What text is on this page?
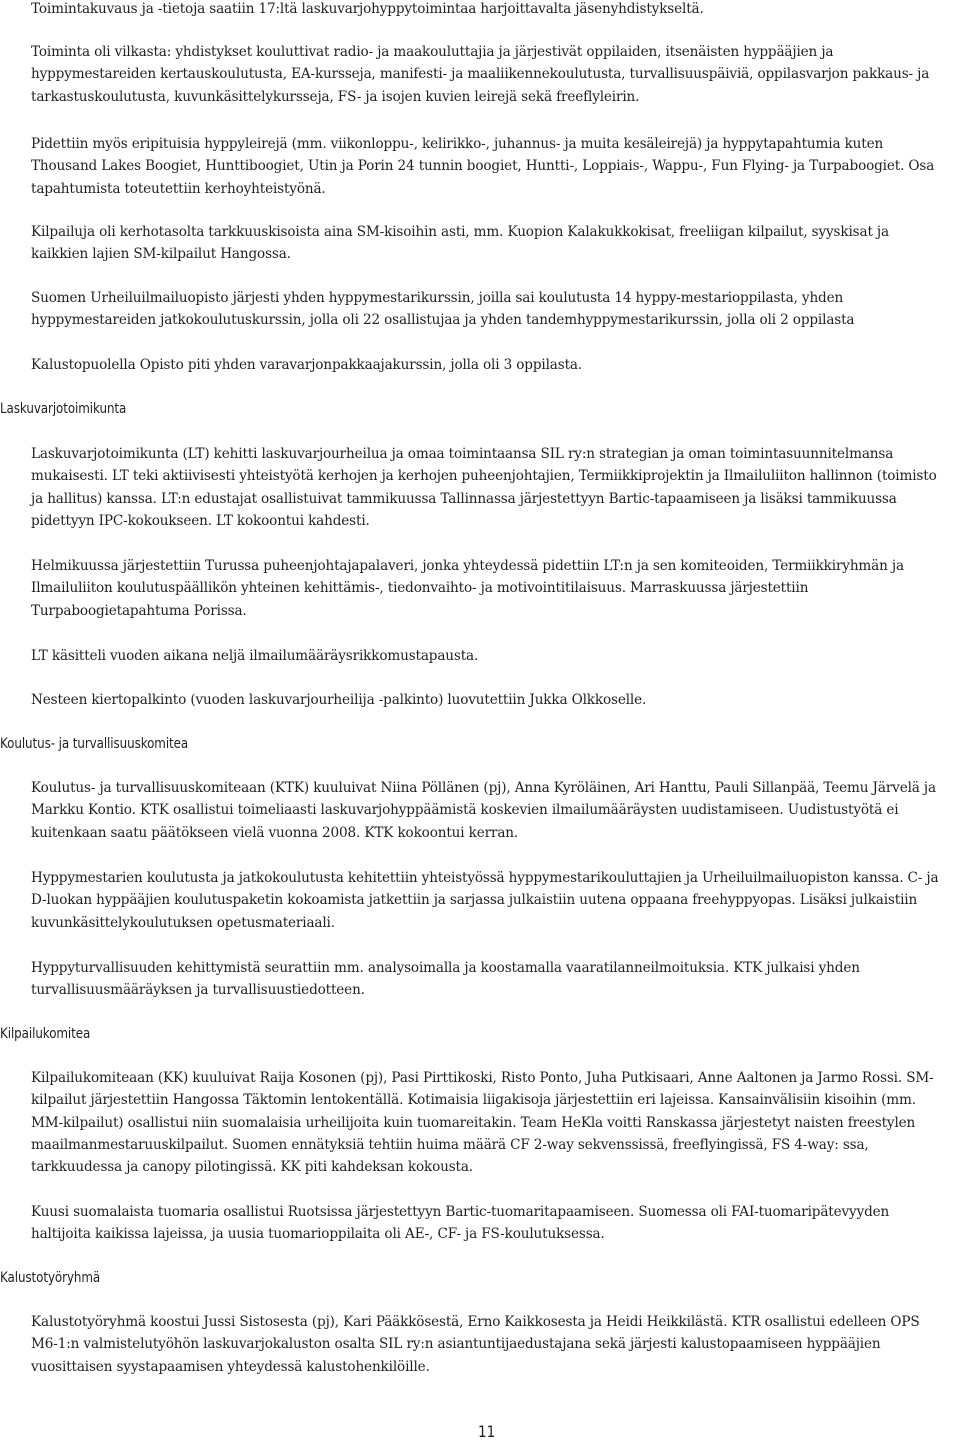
Toimintakuvaus ja -tietoja saatiin 17:ltä laskuvarjohyppytoimintaa harjoittavalta jäsenyhdistykseltä.

Toiminta oli vilkasta: yhdistykset kouluttivat radio- ja maakouluttajia ja järjestivät oppilaiden, itsenäisten hyppääjien ja hyppymestareiden kertauskoulutusta, EA-kursseja, manifesti- ja maaliikennekoulutusta, turvallisuuspäiviä, oppilasvarjon pakkaus- ja tarkastuskoulutusta, kuvunkäsittelykursseja, FS- ja isojen kuvien leirejä sekä freeflyleirin.

Pidettiin myös eripituisia hyppyleirejä (mm. viikonloppu-, kelirikko-, juhannus- ja muita kesäleirejä) ja hyppytapahtumia kuten Thousand Lakes Boogiet, Hunttiboogiet, Utin ja Porin 24 tunnin boogiet, Huntti-, Loppiais-, Wappu-, Fun Flying- ja Turpaboogiet. Osa tapahtumista toteutettiin kerhoyhteistyönä.

Kilpailuja oli kerhotasolta tarkkuuskisoista aina SM-kisoihin asti, mm. Kuopion Kalakukkokisat, freeliigan kilpailut, syyskisat ja kaikkien lajien SM-kilpailut Hangossa.

Suomen Urheiluilmailuopisto järjesti yhden hyppymestarikurssin, joilla sai koulutusta 14 hyppy-mestarioppilasta, yhden hyppymestareiden jatkokoulutuskurssin, jolla oli 22 osallistujaa ja yhden tandemhyppymestarikurssin, jolla oli 2 oppilasta

Kalustopuolella Opisto piti yhden varavarjonpakkaajakurssin, jolla oli 3 oppilasta.

Laskuvarjotoimikunta

Laskuvarjotoimikunta (LT) kehitti laskuvarjourheilua ja omaa toimintaansa SIL ry:n strategian ja oman toimintasuunnitelmansa mukaisesti. LT teki aktiivisesti yhteistyötä kerhojen ja kerhojen puheenjohtajien, Termiikkiprojektin ja Ilmailuliiton hallinnon (toimisto ja hallitus) kanssa. LT:n edustajat osallistuivat tammikuussa Tallinnassa järjestettyyn Bartic-tapaamiseen ja lisäksi tammikuussa pidettyyn IPC-kokoukseen. LT kokoontui kahdesti.

Helmikuussa järjestettiin Turussa puheenjohtajapalaveri, jonka yhteydessä pidettiin LT:n ja sen komiteoiden, Termiikkiryhmän ja Ilmailuliiton koulutuspäällikön yhteinen kehittämis-, tiedonvaihto- ja motivointitilaisuus. Marraskuussa järjestettiin Turpaboogietapahtuma Porissa.

LT käsitteli vuoden aikana neljä ilmailumääräysrikkomustapausta.

Nesteen kiertopalkinto (vuoden laskuvarjourheilija -palkinto) luovutettiin Jukka Olkkoselle.

Koulutus- ja turvallisuuskomitea

Koulutus- ja turvallisuuskomiteaan (KTK) kuuluivat Niina Pöllänen (pj), Anna Kyröläinen, Ari Hanttu, Pauli Sillanpää, Teemu Järvelä ja Markku Kontio. KTK osallistui toimeliaasti laskuvarjohyppäämistä koskevien ilmailumääräysten uudistamiseen. Uudistustyötä ei kuitenkaan saatu päätökseen vielä vuonna 2008. KTK kokoontui kerran.

Hyppymestarien koulutusta ja jatkokoulutusta kehitettiin yhteistyössä hyppymestarikouluttajien ja Urheiluilmailuopiston kanssa. C- ja D-luokan hyppääjien koulutuspaketin kokoamista jatkettiin ja sarjassa julkaistiin uutena oppaana freehyppyopas. Lisäksi julkaistiin kuvunkäsittelykoulutuksen opetusmateriaali.

Hyppyturvallisuuden kehittymistä seurattiin mm. analysoimalla ja koostamalla vaaratilanneilmoituksia. KTK julkaisi yhden turvallisuusmääräyksen ja turvallisuustiedotteen.

Kilpailukomitea

Kilpailukomiteaan (KK) kuuluivat Raija Kosonen (pj), Pasi Pirttikoski, Risto Ponto, Juha Putkisaari, Anne Aaltonen ja Jarmo Rossi. SM-kilpailut järjestettiin Hangossa Täktomin lentokentällä. Kotimaisia liigakisoja järjestettiin eri lajeissa. Kansainvälisiin kisoihin (mm. MM-kilpailut) osallistui niin suomalaisia urheilijoita kuin tuomareitakin. Team HeKla voitti Ranskassa järjestetyt naisten freestylen maailmanmestaruuskilpailut. Suomen ennätyksiä tehtiin huima määrä CF 2-way sekvenssissä, freeflyingissä, FS 4-way: ssa, tarkkuudessa ja canopy pilotingissä. KK piti kahdeksan kokousta.

Kuusi suomalaista tuomaria osallistui Ruotsissa järjestettyyn Bartic-tuomaritapaamiseen. Suomessa oli FAI-tuomaripätevyyden haltijoita kaikissa lajeissa, ja uusia tuomarioppilaita oli AE-, CF- ja FS-koulutuksessa.

Kalustotyöryhmä

Kalustotyöryhmä koostui Jussi Sistosesta (pj), Kari Pääkkösestä, Erno Kaikkosesta ja Heidi Heikkilästä. KTR osallistui edelleen OPS M6-1:n valmistelutyöhön laskuvarjokaluston osalta SIL ry:n asiantuntijaedustajana sekä järjesti kalustopaamiseen hyppääjien vuosittaisen syystapaamisen yhteydessä kalustohenkilöille.

11
